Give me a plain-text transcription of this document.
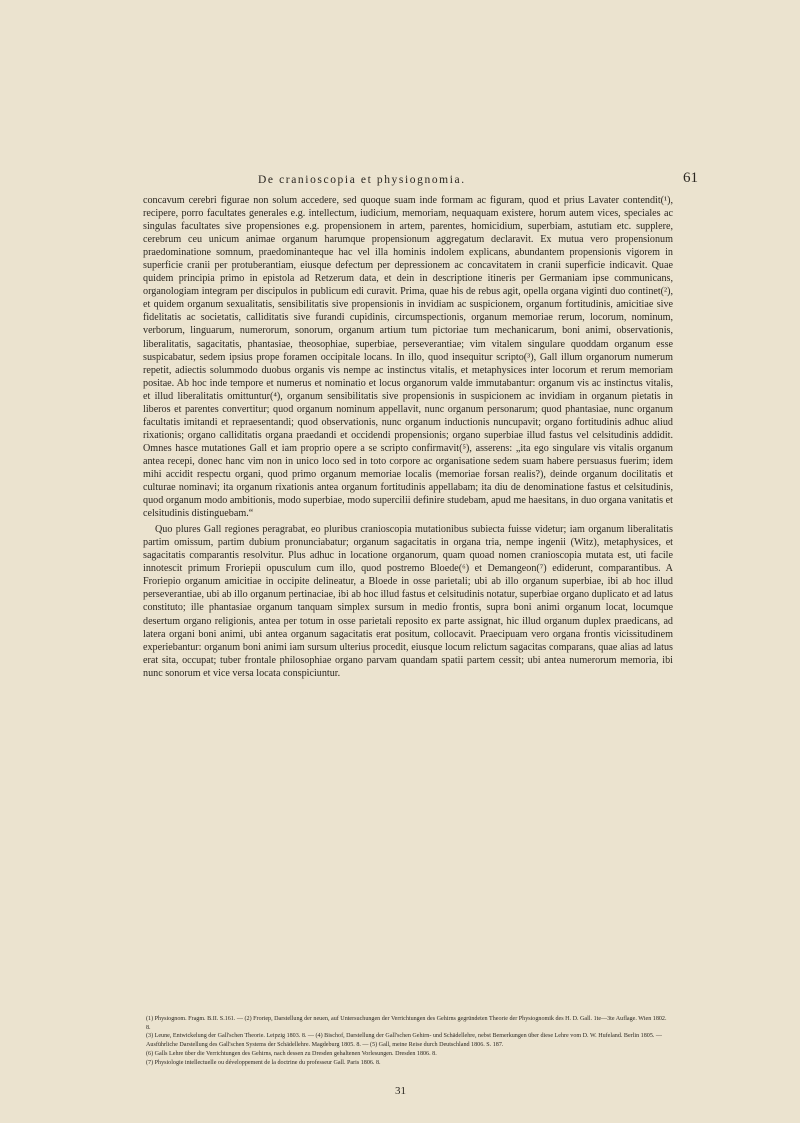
De cranioscopia et physiognomia.	61

concavum cerebri figurae non solum accedere, sed quoque suam inde formam ac figuram, quod et prius Lavater contendit(¹), recipere, porro facultates generales e.g. intellectum, iudicium, memoriam, nequaquam existere, horum autem vices, speciales ac singulas facultates sive propensiones e.g. propensionem in artem, parentes, homicidium, superbiam, astutiam etc. supplere, cerebrum ceu unicum animae organum harumque propensionum aggregatum declaravit. Ex mutua vero propensionum praedominatione somnum, praedominanteque hac vel illa hominis indolem explicans, abundantem propensionis vigorem in superficie cranii per protuberantiam, eiusque defectum per depressionem ac concavitatem in cranii superficie indicavit. Quae quidem principia primo in epistola ad Retzerum data, et dein in descriptione itineris per Germaniam ipse communicans, organologiam integram per discipulos in publicum edi curavit. Prima, quae his de rebus agit, opella organa viginti duo continet(²), et quidem organum sexualitatis, sensibilitatis sive propensionis in invidiam ac suspicionem, organum fortitudinis, amicitiae sive fidelitatis ac societatis, calliditatis sive furandi cupidinis, circumspectionis, organum memoriae rerum, locorum, nominum, verborum, linguarum, numerorum, sonorum, organum artium tum pictoriae tum mechanicarum, boni animi, observationis, liberalitatis, sagacitatis, phantasiae, theosophiae, superbiae, perseverantiae; vim vitalem singulare quoddam organum esse suspicabatur, sedem ipsius prope foramen occipitale locans. In illo, quod insequitur scripto(³), Gall illum organorum numerum repetit, adiectis solummodo duobus organis vis nempe ac instinctus vitalis, et metaphysices inter locorum et rerum memoriam positae. Ab hoc inde tempore et numerus et nominatio et locus organorum valde immutabantur: organum vis ac instinctus vitalis, et illud liberalitatis omittuntur(⁴), organum sensibilitatis sive propensionis in suspicionem ac invidiam in organum pietatis in liberos et parentes convertitur; quod organum nominum appellavit, nunc organum personarum; quod phantasiae, nunc organum facultatis imitandi et repraesentandi; quod observationis, nunc organum inductionis nuncupavit; organo fortitudinis adhuc aliud rixationis; organo calliditatis organa praedandi et occidendi propensionis; organo superbiae illud fastus vel celsitudinis addidit. Omnes hasce mutationes Gall et iam proprio opere a se scripto confirmavit(⁵), asserens: „ita ego singulare vis vitalis organum antea recepi, donec hanc vim non in unico loco sed in toto corpore ac organisatione sedem suam habere persuasus fuerim; idem mihi accidit respectu organi, quod primo organum memoriae localis (memoriae forsan realis?), deinde organum docilitatis et culturae nominavi; ita organum rixationis antea organum fortitudinis appellabam; ita diu de denominatione fastus et celsitudinis, quod organum modo ambitionis, modo superbiae, modo supercilii definire studebam, apud me haesitans, in duo organa vanitatis et celsitudinis distinguebam.“

Quo plures Gall regiones peragrabat, eo pluribus cranioscopia mutationibus subiecta fuisse videtur; iam organum liberalitatis partim omissum, partim dubium pronunciabatur; organum sagacitatis in organa tria, nempe ingenii (Witz), metaphysices, et sagacitatis comparantis resolvitur. Plus adhuc in locatione organorum, quam quoad nomen cranioscopia mutata est, uti facile innotescit primum Froriepii opusculum cum illo, quod postremo Bloede(⁶) et Demangeon(⁷) ediderunt, comparantibus. A Froriepio organum amicitiae in occipite delineatur, a Bloede in osse parietali; ubi ab illo organum superbiae, ibi ab hoc illud perseverantiae, ubi ab illo organum pertinaciae, ibi ab hoc illud fastus et celsitudinis notatur, superbiae organo duplicato et ad latus constituto; ille phantasiae organum tanquam simplex sursum in medio frontis, supra boni animi organum locat, locumque desertum organo religionis, antea per totum in osse parietali reposito ex parte assignat, hic illud organum duplex praedicans, ad latera organi boni animi, ubi antea organum sagacitatis erat positum, collocavit. Praecipuam vero organa frontis vicissitudinem experiebantur: organum boni animi iam sursum ulterius procedit, eiusque locum relictum sagacitas comparans, quae alias ad latus erat sita, occupat; tuber frontale philosophiae organo parvam quandam spatii partem cessit; ubi antea numerorum memoria, ibi nunc sonorum et vice versa locata conspiciuntur.

(1) Physiognom. Fragm. B.II. S.161. — (2) Froriep, Darstellung der neuen, auf Untersuchungen der Verrichtungen des Gehirns gegründeten Theorie der Physiognomik des H. D. Gall. 1te—3te Auflage. Wien 1802. 8.

(3) Leune, Entwickelung der Gall'schen Theorie. Leipzig 1803. 8. — (4) Bischof, Darstellung der Gall'schen Gehirn- und Schädellehre, nebst Bemerkungen über diese Lehre vom D. W. Hufeland. Berlin 1805. — Ausführliche Darstellung des Gall'schen Systems der Schädellehre. Magdeburg 1805. 8. — (5) Gall, meine Reise durch Deutschland 1806. S. 187.

(6) Galls Lehre über die Verrichtungen des Gehirns, nach dessen zu Dresden gehaltenen Vorlesungen. Dresden 1806. 8.

(7) Physiologie intellectuelle ou développement de la doctrine du professeur Gall. Paris 1806. 8.

31
